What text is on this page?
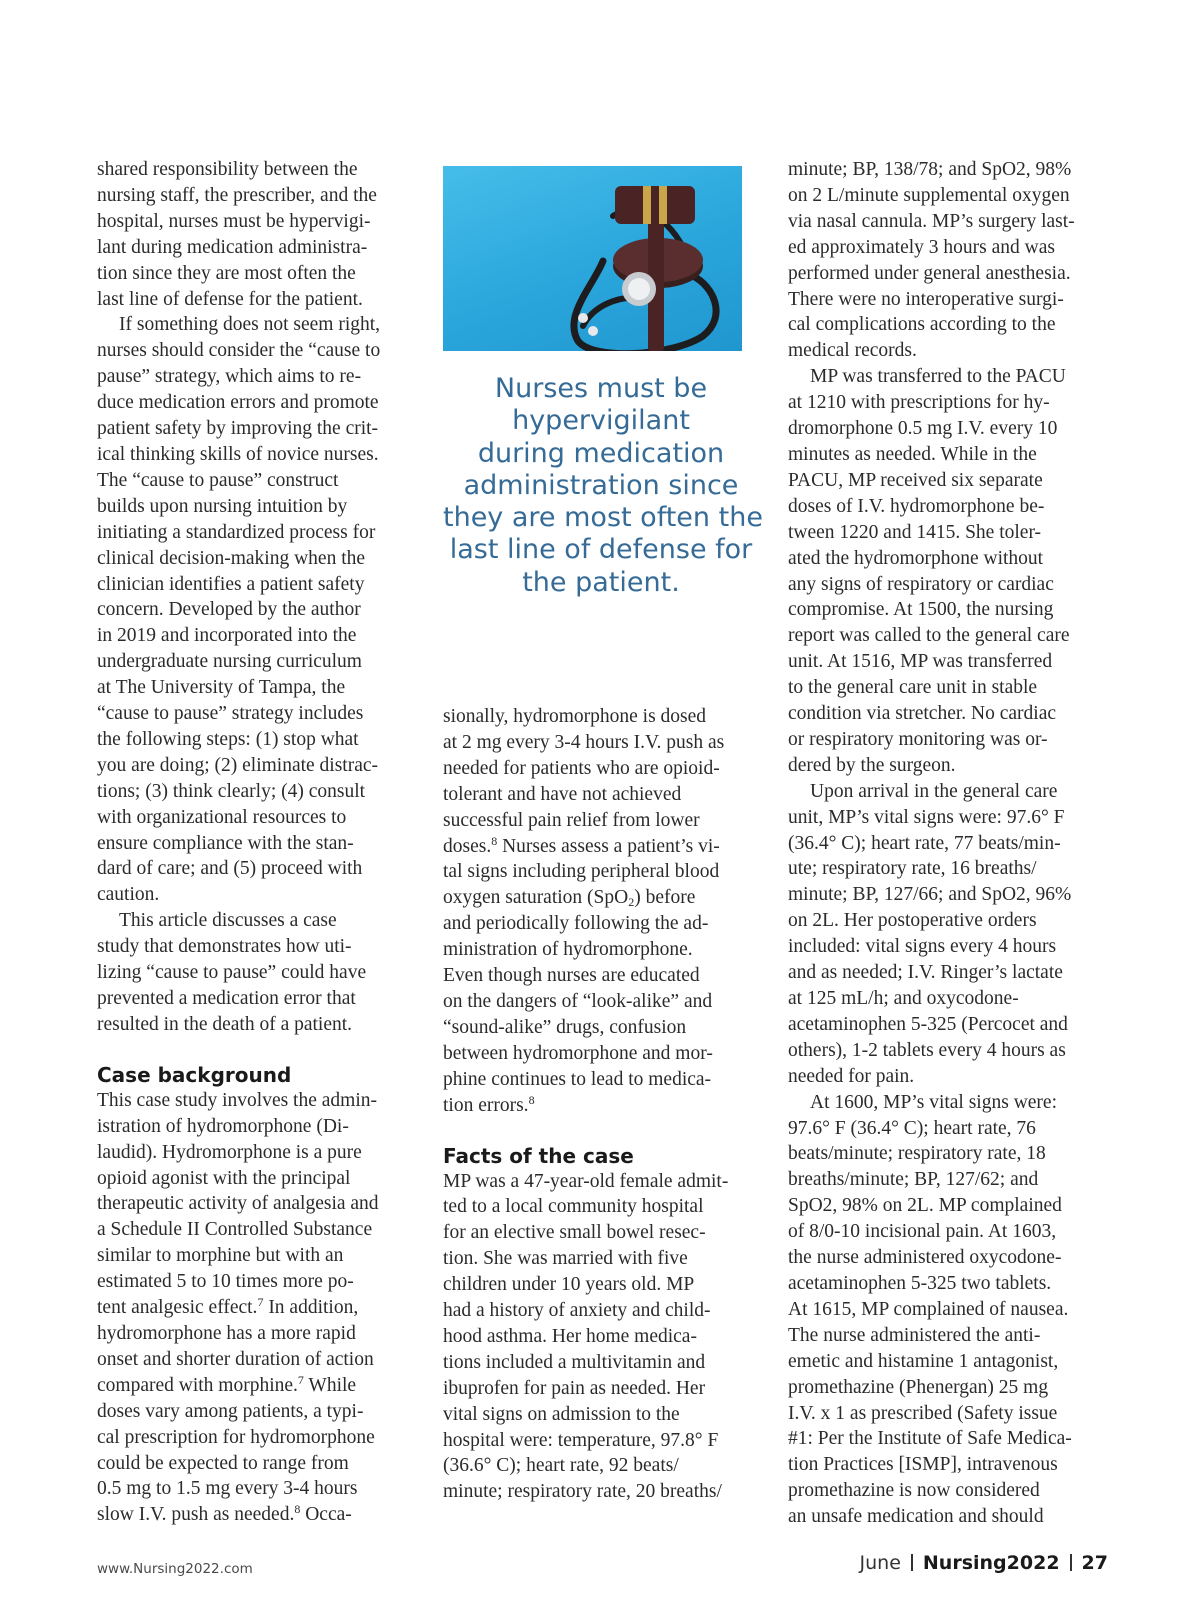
shared responsibility between the
nursing staff, the prescriber, and the
hospital, nurses must be hypervigi-
lant during medication administra-
tion since they are most often the
last line of defense for the patient.
If something does not seem right,
nurses should consider the “cause to
pause” strategy, which aims to re-
duce medication errors and promote
patient safety by improving the crit-
ical thinking skills of novice nurses.
The “cause to pause” construct
builds upon nursing intuition by
initiating a standardized process for
clinical decision-making when the
clinician identifies a patient safety
concern. Developed by the author
in 2019 and incorporated into the
undergraduate nursing curriculum
at The University of Tampa, the
“cause to pause” strategy includes
the following steps: (1) stop what
you are doing; (2) eliminate distrac-
tions; (3) think clearly; (4) consult
with organizational resources to
ensure compliance with the stan-
dard of care; and (5) proceed with
caution.
This article discusses a case
study that demonstrates how uti-
lizing “cause to pause” could have
prevented a medication error that
resulted in the death of a patient.
Case background
This case study involves the admin-
istration of hydromorphone (Di-
laudid). Hydromorphone is a pure
opioid agonist with the principal
therapeutic activity of analgesia and
a Schedule II Controlled Substance
similar to morphine but with an
estimated 5 to 10 times more po-
tent analgesic effect.$^7$ In addition,
hydromorphone has a more rapid
onset and shorter duration of action
compared with morphine.$^7$ While
doses vary among patients, a typi-
cal prescription for hydromorphone
could be expected to range from
0.5 mg to 1.5 mg every 3-4 hours
slow I.V. push as needed.$^8$ Occa-
Nurses must be
hypervigilant
during medication
administration since
they are most often the
last line of defense for
the patient.
sionally, hydromorphone is dosed
at 2 mg every 3-4 hours I.V. push as
needed for patients who are opioid-
tolerant and have not achieved
successful pain relief from lower
doses.$^8$ Nurses assess a patient’s vi-
tal signs including peripheral blood
oxygen saturation (SpO$_2$) before
and periodically following the ad-
ministration of hydromorphone.
Even though nurses are educated
on the dangers of “look-alike” and
“sound-alike” drugs, confusion
between hydromorphone and mor-
phine continues to lead to medica-
tion errors.$^8$
Facts of the case
MP was a 47-year-old female admit-
ted to a local community hospital
for an elective small bowel resec-
tion. She was married with five
children under 10 years old. MP
had a history of anxiety and child-
hood asthma. Her home medica-
tions included a multivitamin and
ibuprofen for pain as needed. Her
vital signs on admission to the
hospital were: temperature, 97.8° F
(36.6° C); heart rate, 92 beats/
minute; respiratory rate, 20 breaths/
minute; BP, 138/78; and SpO2, 98%
on 2 L/minute supplemental oxygen
via nasal cannula. MP’s surgery last-
ed approximately 3 hours and was
performed under general anesthesia.
There were no interoperative surgi-
cal complications according to the
medical records.
MP was transferred to the PACU
at 1210 with prescriptions for hy-
dromorphone 0.5 mg I.V. every 10
minutes as needed. While in the
PACU, MP received six separate
doses of I.V. hydromorphone be-
tween 1220 and 1415. She toler-
ated the hydromorphone without
any signs of respiratory or cardiac
compromise. At 1500, the nursing
report was called to the general care
unit. At 1516, MP was transferred
to the general care unit in stable
condition via stretcher. No cardiac
or respiratory monitoring was or-
dered by the surgeon.
Upon arrival in the general care
unit, MP’s vital signs were: 97.6° F
(36.4° C); heart rate, 77 beats/min-
ute; respiratory rate, 16 breaths/
minute; BP, 127/66; and SpO2, 96%
on 2L. Her postoperative orders
included: vital signs every 4 hours
and as needed; I.V. Ringer’s lactate
at 125 mL/h; and oxycodone-
acetaminophen 5-325 (Percocet and
others), 1-2 tablets every 4 hours as
needed for pain.
At 1600, MP’s vital signs were:
97.6° F (36.4° C); heart rate, 76
beats/minute; respiratory rate, 18
breaths/minute; BP, 127/62; and
SpO2, 98% on 2L. MP complained
of 8/0-10 incisional pain. At 1603,
the nurse administered oxycodone-
acetaminophen 5-325 two tablets.
At 1615, MP complained of nausea.
The nurse administered the anti-
emetic and histamine 1 antagonist,
promethazine (Phenergan) 25 mg
I.V. x 1 as prescribed (Safety issue
#1: Per the Institute of Safe Medica-
tion Practices [ISMP], intravenous
promethazine is now considered
an unsafe medication and should
www.Nursing2022.com	June Nursing2022 27
